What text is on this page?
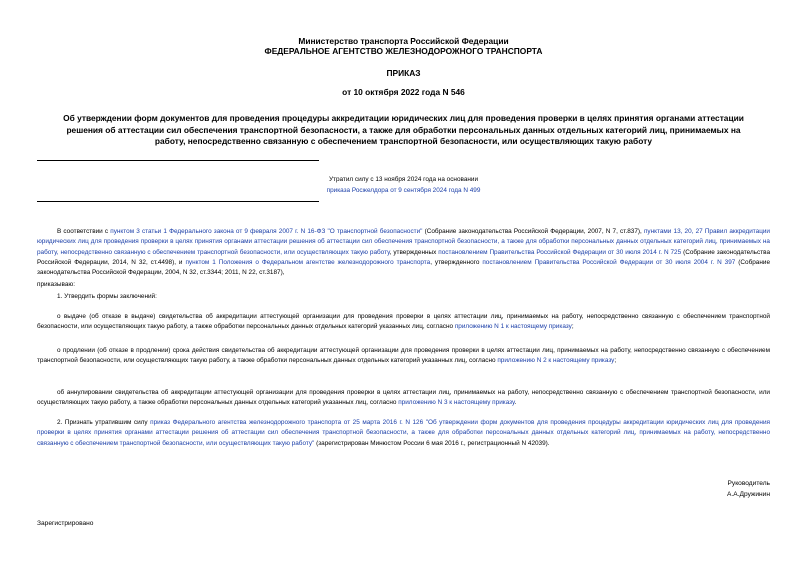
Министерство транспорта Российской Федерации
ФЕДЕРАЛЬНОЕ АГЕНТСТВО ЖЕЛЕЗНОДОРОЖНОГО ТРАНСПОРТА
ПРИКАЗ
от 10 октября 2022 года N 546
Об утверждении форм документов для проведения процедуры аккредитации юридических лиц для проведения проверки в целях принятия органами аттестации решения об аттестации сил обеспечения транспортной безопасности, а также для обработки персональных данных отдельных категорий лиц, принимаемых на работу, непосредственно связанную с обеспечением транспортной безопасности, или осуществляющих такую работу
Утратил силу с 13 ноября 2024 года на основании
приказа Росжелдора от 9 сентября 2024 года N 499
В соответствии с пунктом 3 статьи 1 Федерального закона от 9 февраля 2007 г. N 16-ФЗ "О транспортной безопасности" (Собрание законодательства Российской Федерации, 2007, N 7, ст.837), пунктами 13, 20, 27 Правил аккредитации юридических лиц для проведения проверки в целях принятия органами аттестации решения об аттестации сил обеспечения транспортной безопасности, а также для обработки персональных данных отдельных категорий лиц, принимаемых на работу, непосредственно связанную с обеспечением транспортной безопасности, или осуществляющих такую работу, утвержденных постановлением Правительства Российской Федерации от 30 июля 2014 г. N 725 (Собрание законодательства Российской Федерации, 2014, N 32, ст.4498), и пунктом 1 Положения о Федеральном агентстве железнодорожного транспорта, утвержденного постановлением Правительства Российской Федерации от 30 июля 2004 г. N 397 (Собрание законодательства Российской Федерации, 2004, N 32, ст.3344; 2011, N 22, ст.3187),
приказываю:
1. Утвердить формы заключений:
о выдаче (об отказе в выдаче) свидетельства об аккредитации аттестующей организации для проведения проверки в целях аттестации лиц, принимаемых на работу, непосредственно связанную с обеспечением транспортной безопасности, или осуществляющих такую работу, а также обработки персональных данных отдельных категорий указанных лиц, согласно приложению N 1 к настоящему приказу;
о продлении (об отказе в продлении) срока действия свидетельства об аккредитации аттестующей организации для проведения проверки в целях аттестации лиц, принимаемых на работу, непосредственно связанную с обеспечением транспортной безопасности, или осуществляющих такую работу, а также обработки персональных данных отдельных категорий указанных лиц, согласно приложению N 2 к настоящему приказу;
об аннулировании свидетельства об аккредитации аттестующей организации для проведения проверки в целях аттестации лиц, принимаемых на работу, непосредственно связанную с обеспечением транспортной безопасности, или осуществляющих такую работу, а также обработки персональных данных отдельных категорий указанных лиц, согласно приложению N 3 к настоящему приказу.
2. Признать утратившим силу приказ Федерального агентства железнодорожного транспорта от 25 марта 2016 г. N 126 "Об утверждении форм документов для проведения процедуры аккредитации юридических лиц для проведения проверки в целях принятия органами аттестации решения об аттестации сил обеспечения транспортной безопасности, а также для обработки персональных данных отдельных категорий лиц, принимаемых на работу, непосредственно связанную с обеспечением транспортной безопасности, или осуществляющих такую работу" (зарегистрирован Минюстом России 6 мая 2016 г., регистрационный N 42039).
Руководитель
А.А.Дружинин
Зарегистрировано
